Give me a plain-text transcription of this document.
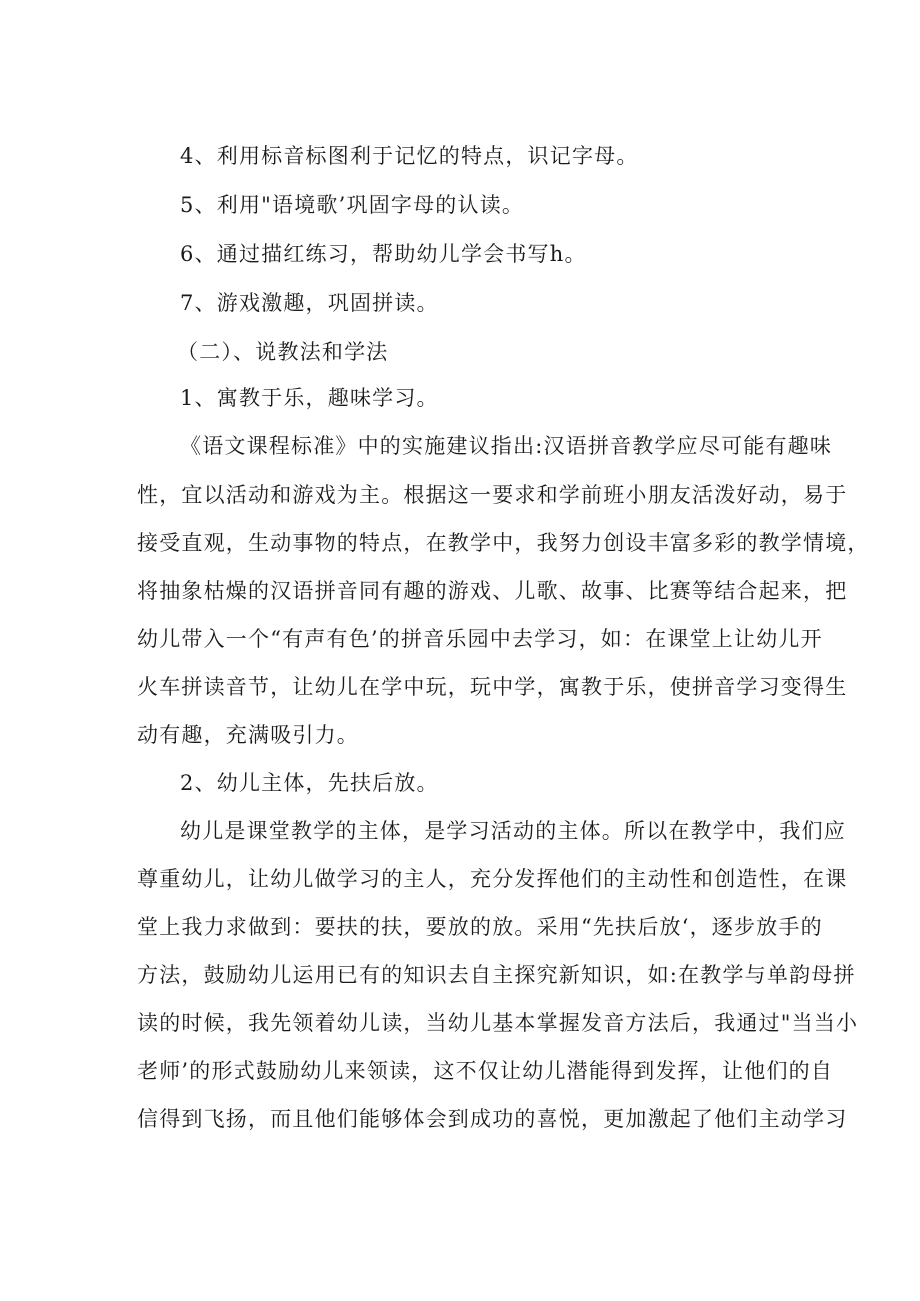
4、利用标音标图利于记忆的特点，识记字母。
5、利用"语境歌’巩固字母的认读。
6、通过描红练习，帮助幼儿学会书写h。
7、游戏激趣，巩固拼读。
（二）、说教法和学法
1、寓教于乐，趣味学习。
《语文课程标准》中的实施建议指出:汉语拼音教学应尽可能有趣味
性，宜以活动和游戏为主。根据这一要求和学前班小朋友活泼好动，易于
接受直观，生动事物的特点，在教学中，我努力创设丰富多彩的教学情境，
将抽象枯燥的汉语拼音同有趣的游戏、儿歌、故事、比赛等结合起来，把
幼儿带入一个“有声有色’的拼音乐园中去学习，如：在课堂上让幼儿开
火车拼读音节，让幼儿在学中玩，玩中学，寓教于乐，使拼音学习变得生
动有趣，充满吸引力。
2、幼儿主体，先扶后放。
幼儿是课堂教学的主体，是学习活动的主体。所以在教学中，我们应
尊重幼儿，让幼儿做学习的主人，充分发挥他们的主动性和创造性，在课
堂上我力求做到：要扶的扶，要放的放。采用“先扶后放‘，逐步放手的
方法，鼓励幼儿运用已有的知识去自主探究新知识，如:在教学与单韵母拼
读的时候，我先领着幼儿读，当幼儿基本掌握发音方法后，我通过"当当小
老师’的形式鼓励幼儿来领读，这不仅让幼儿潜能得到发挥，让他们的自
信得到飞扬，而且他们能够体会到成功的喜悦，更加激起了他们主动学习
